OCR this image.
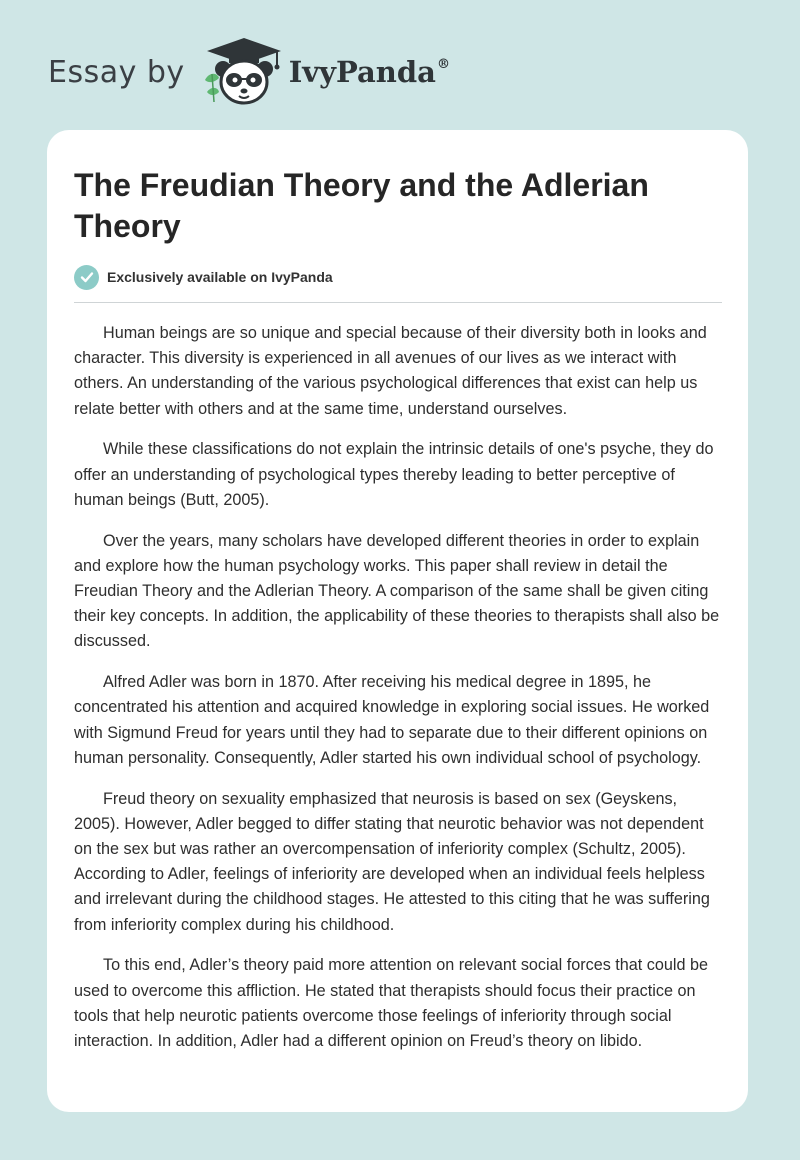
Essay by	IvyPanda®
The Freudian Theory and the Adlerian Theory
Exclusively available on IvyPanda

Human beings are so unique and special because of their diversity both in looks and character. This diversity is experienced in all avenues of our lives as we interact with others. An understanding of the various psychological differences that exist can help us relate better with others and at the same time, understand ourselves.

While these classifications do not explain the intrinsic details of one's psyche, they do offer an understanding of psychological types thereby leading to better perceptive of human beings (Butt, 2005).

Over the years, many scholars have developed different theories in order to explain and explore how the human psychology works. This paper shall review in detail the Freudian Theory and the Adlerian Theory. A comparison of the same shall be given citing their key concepts. In addition, the applicability of these theories to therapists shall also be discussed.

Alfred Adler was born in 1870. After receiving his medical degree in 1895, he concentrated his attention and acquired knowledge in exploring social issues. He worked with Sigmund Freud for years until they had to separate due to their different opinions on human personality. Consequently, Adler started his own individual school of psychology.

Freud theory on sexuality emphasized that neurosis is based on sex (Geyskens, 2005). However, Adler begged to differ stating that neurotic behavior was not dependent on the sex but was rather an overcompensation of inferiority complex (Schultz, 2005). According to Adler, feelings of inferiority are developed when an individual feels helpless and irrelevant during the childhood stages. He attested to this citing that he was suffering from inferiority complex during his childhood.

To this end, Adler’s theory paid more attention on relevant social forces that could be used to overcome this affliction. He stated that therapists should focus their practice on tools that help neurotic patients overcome those feelings of inferiority through social interaction. In addition, Adler had a different opinion on Freud’s theory on libido.
